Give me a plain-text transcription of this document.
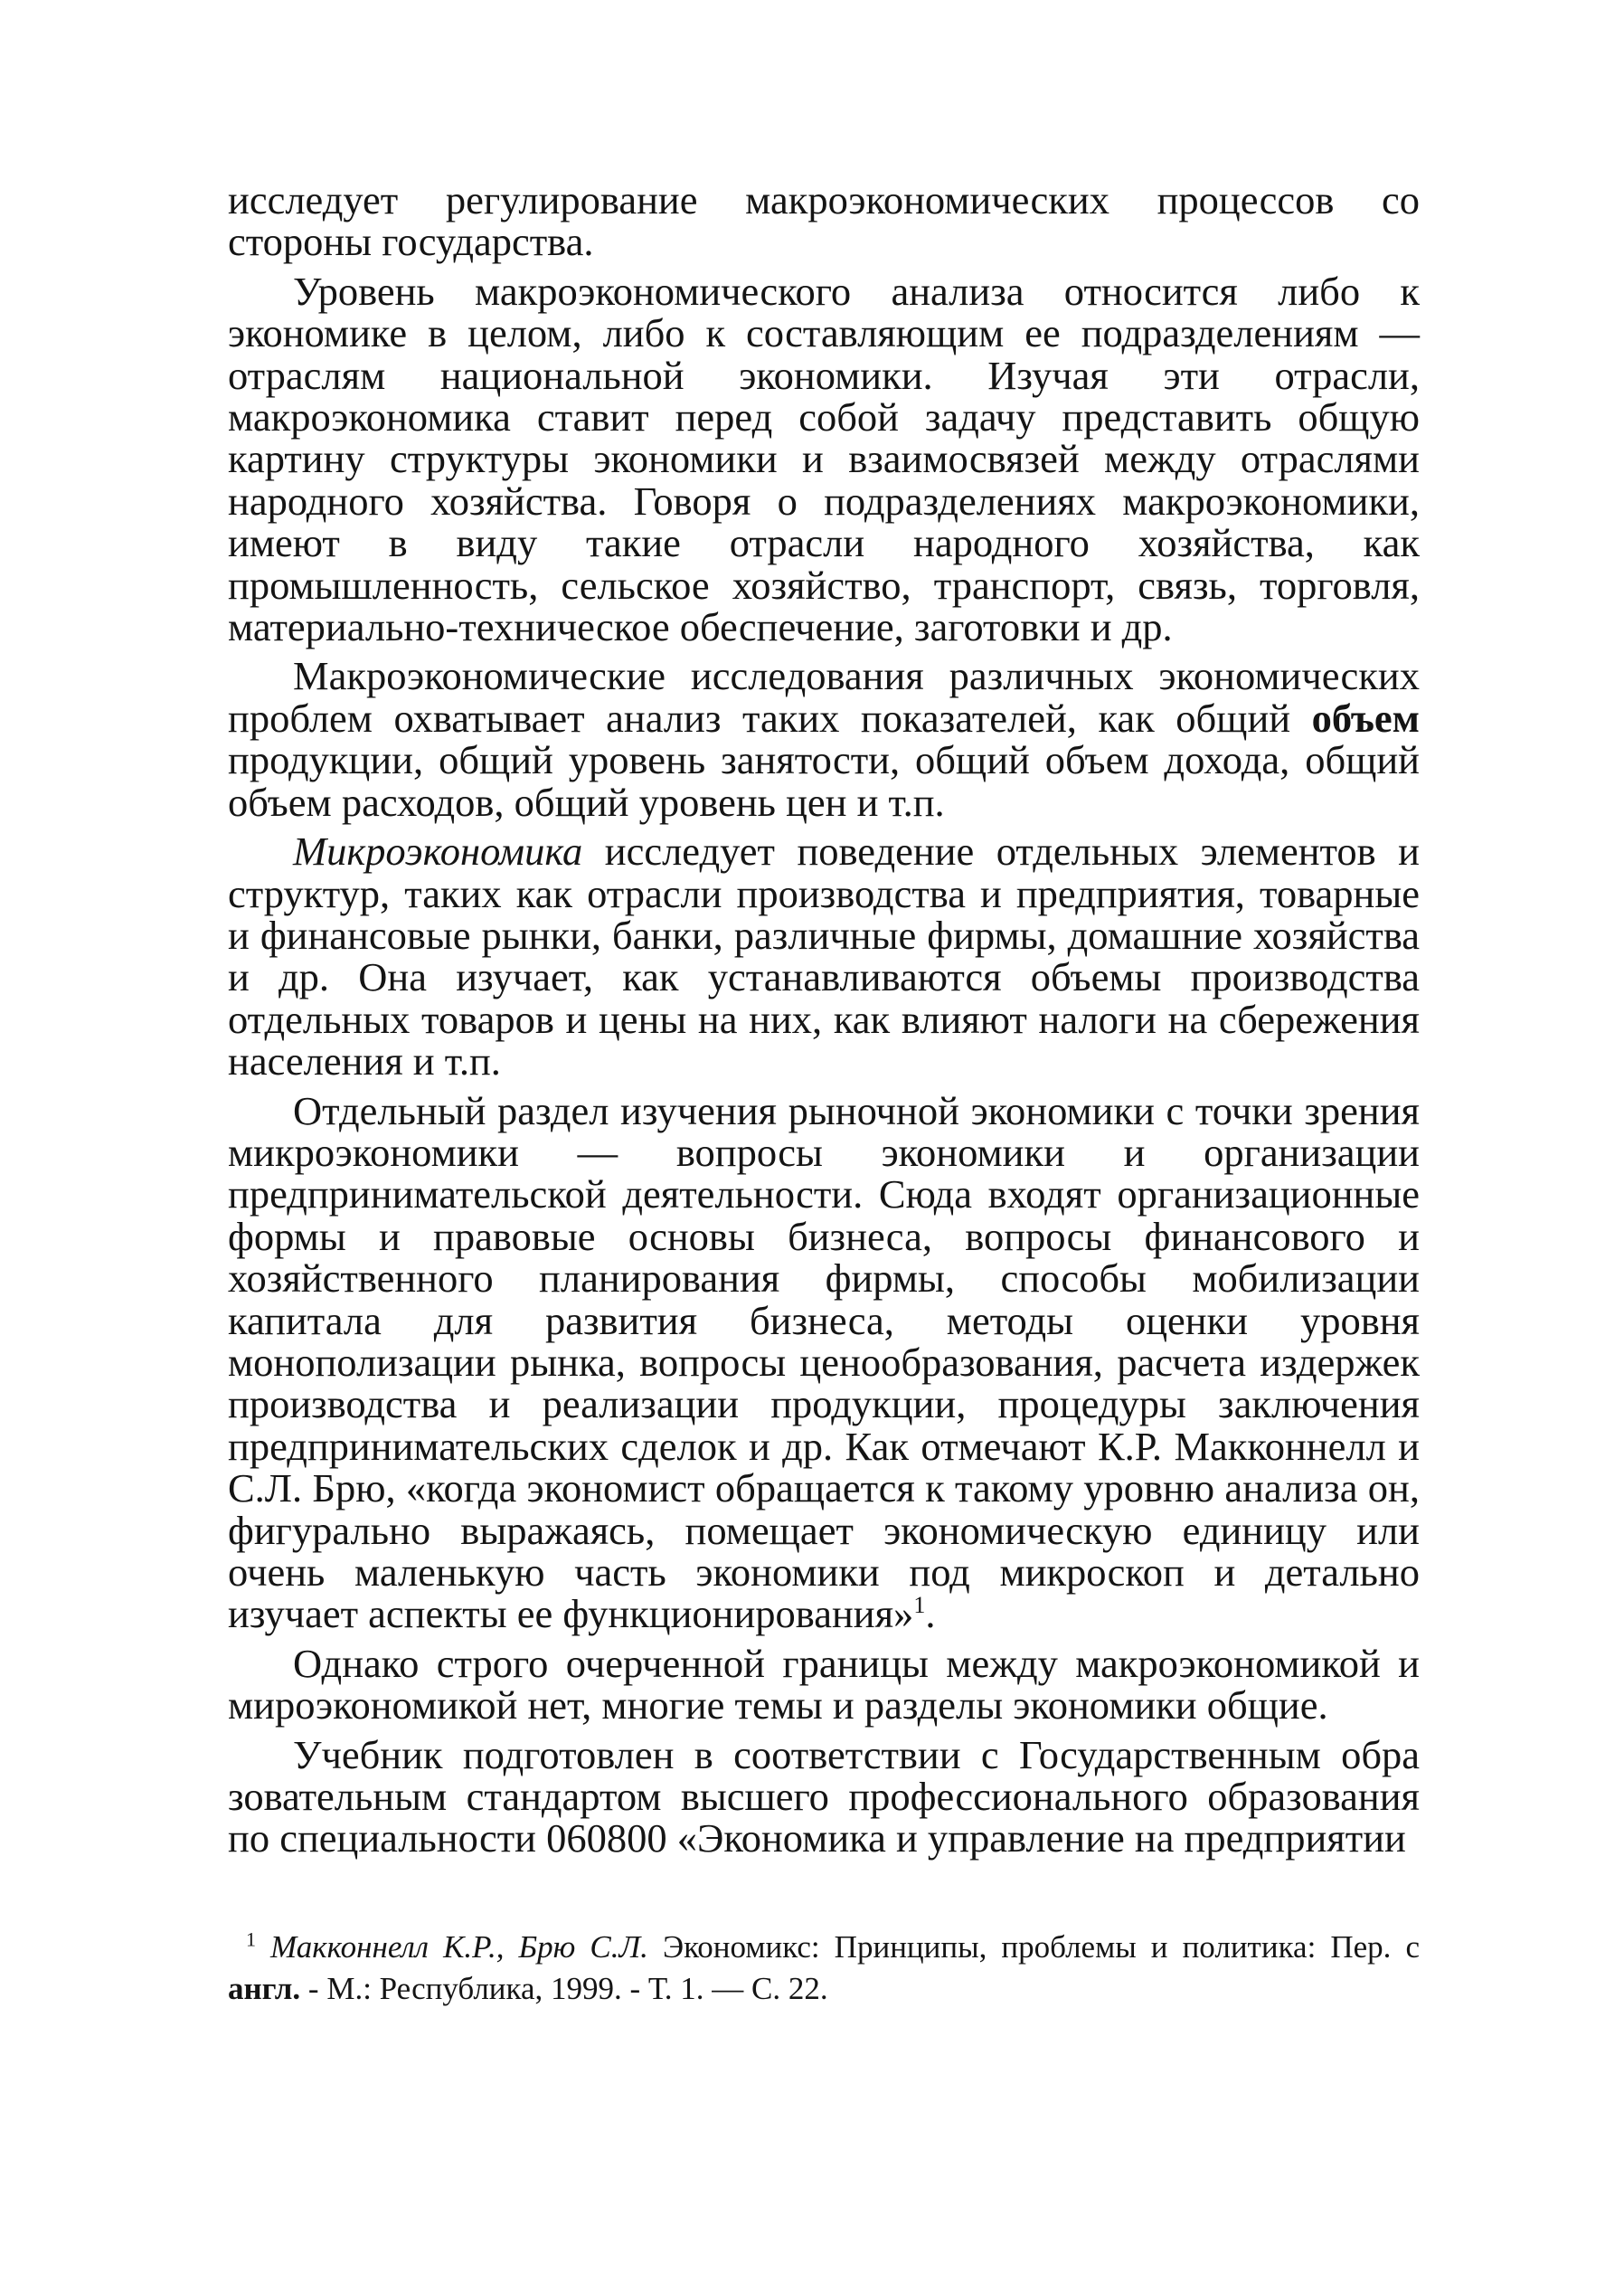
исследует регулирование макроэкономических процессов со стороны государства.

Уровень макроэкономического анализа относится либо к экономике в целом, либо к составляющим ее подразделениям — отраслям национальной экономики. Изучая эти отрасли, макроэкономика ставит перед собой задачу представить общую картину структуры экономики и взаимосвязей между отраслями народного хозяйства. Говоря о подразделениях макроэкономики, имеют в виду такие отрасли народного хозяйства, как промышленность, сельское хозяйство, транспорт, связь, торговля, материально-техническое обеспечение, заготовки и др.

Макроэкономические исследования различных экономических проблем охватывает анализ таких показателей, как общий объем продукции, общий уровень занятости, общий объем дохода, общий объем расходов, общий уровень цен и т.п.

Микроэкономика исследует поведение отдельных элементов и структур, таких как отрасли производства и предприятия, товарные и финансовые рынки, банки, различные фирмы, домашние хозяйства и др. Она изучает, как устанавливаются объемы производства отдельных товаров и цены на них, как влияют налоги на сбережения населения и т.п.

Отдельный раздел изучения рыночной экономики с точки зрения микроэкономики — вопросы экономики и организации предпринимательской деятельности. Сюда входят организационные формы и правовые основы бизнеса, вопросы финансового и хозяйственного планирования фирмы, способы мобилизации капитала для развития бизнеса, методы оценки уровня монополизации рынка, вопросы ценообразования, расчета издержек производства и реализации продукции, процедуры заключения предпринимательских сделок и др. Как отмечают К.Р. Макконнелл и С.Л. Брю, «когда экономист обращается к такому уровню анализа он, фигурально выражаясь, помещает экономическую единицу или очень маленькую часть экономики под микроскоп и детально изучает аспекты ее функционирования»$^1$.

Однако строго очерченной границы между макроэкономикой и мироэкономикой нет, многие темы и разделы экономики общие.

Учебник подготовлен в соответствии с Государственным обра зовательным стандартом высшего профессионального образования по специальности 060800 «Экономика и управление на предприятии

$^1$ Макконнелл К.Р., Брю С.Л. Экономикс: Принципы, проблемы и политика: Пер. с англ. - М.: Республика, 1999. - Т. 1. — С. 22.
